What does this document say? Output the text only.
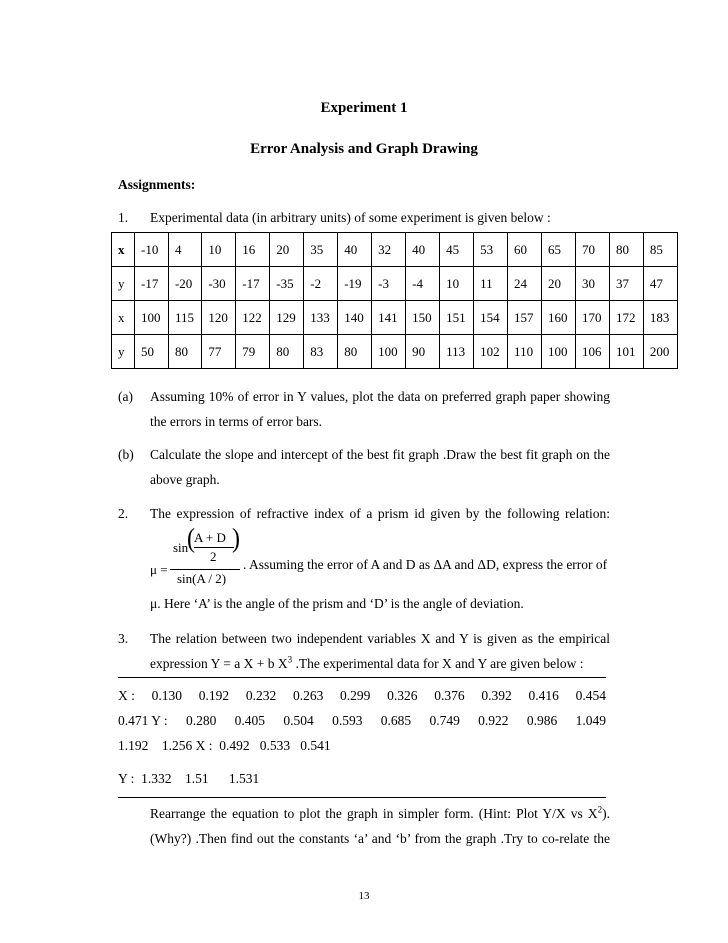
Experiment 1
Error Analysis and Graph Drawing
Assignments:
1. Experimental data (in arbitrary units) of some experiment is given below :
x	-10	4	10	16	20	35	40	32	40	45	53	60	65	70	80	85
y	-17	-20	-30	-17	-35	-2	-19	-3	-4	10	11	24	20	30	37	47
x	100	115	120	122	129	133	140	141	150	151	154	157	160	170	172	183
y	50	80	77	79	80	83	80	100	90	113	102	110	100	106	101	200
(a) Assuming 10% of error in Y values, plot the data on preferred graph paper showing
the errors in terms of error bars.
(b) Calculate the slope and intercept of the best fit graph .Draw the best fit graph on the
above graph.
2. The expression of refractive index of a prism id given by the following relation:
sin
( A + D
2
)
μ =
sin(A / 2)
. Assuming the error of A and D as ΔA and ΔD, express the error of
μ. Here ‘A’ is the angle of the prism and ‘D’ is the angle of deviation.
3. The relation between two independent variables X and Y is given as the empirical
expression Y = a X + b $X^3$ .The experimental data for X and Y are given below :
X : 0.130 0.192 0.232 0.263 0.299 0.326 0.376 0.392 0.416 0.454
0.471 Y : 0.280 0.405 0.504 0.593 0.685 0.749 0.922 0.986 1.049
1.192    1.256 X :  0.492   0.533   0.541
Y :  1.332    1.51      1.531
Rearrange the equation to plot the graph in simpler form. (Hint: Plot Y/X vs $X^2$).
(Why?) .Then find out the constants ‘a’ and ‘b’ from the graph .Try to co-relate the
13
